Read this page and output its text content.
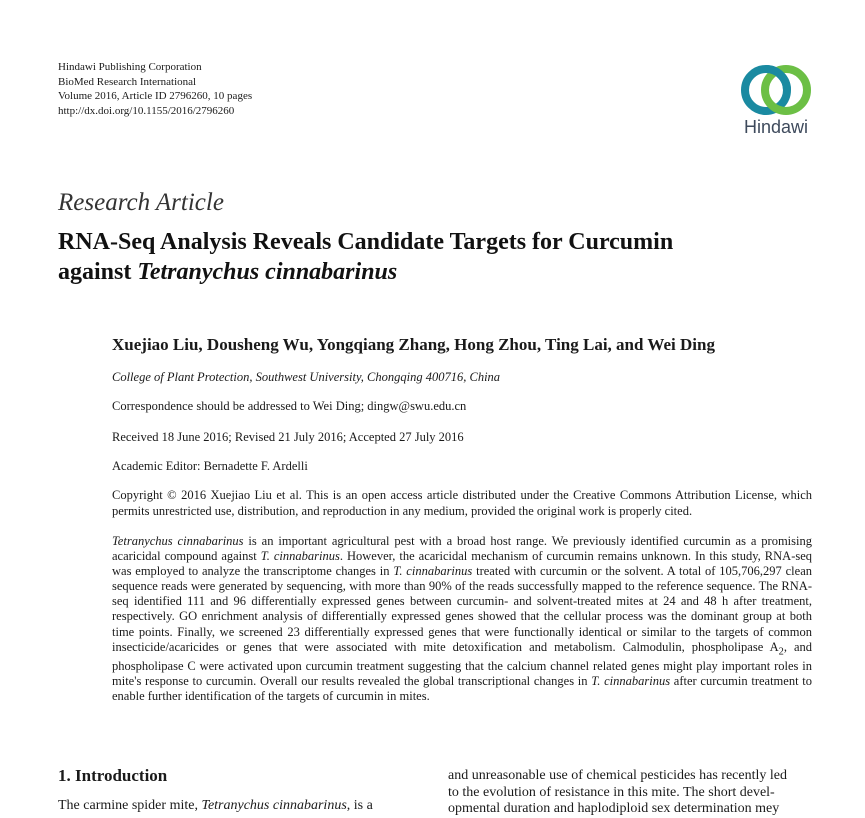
Hindawi Publishing Corporation
BioMed Research International
Volume 2016, Article ID 2796260, 10 pages
http://dx.doi.org/10.1155/2016/2796260
Hindawi
Research Article
RNA-Seq Analysis Reveals Candidate Targets for Curcumin
against Tetranychus cinnabarinus
Xuejiao Liu, Dousheng Wu, Yongqiang Zhang, Hong Zhou, Ting Lai, and Wei Ding
College of Plant Protection, Southwest University, Chongqing 400716, China
Correspondence should be addressed to Wei Ding; dingw@swu.edu.cn
Received 18 June 2016; Revised 21 July 2016; Accepted 27 July 2016
Academic Editor: Bernadette F. Ardelli
Copyright © 2016 Xuejiao Liu et al. This is an open access article distributed under the Creative Commons Attribution License, which permits unrestricted use, distribution, and reproduction in any medium, provided the original work is properly cited.
Tetranychus cinnabarinus is an important agricultural pest with a broad host range. We previously identified curcumin as a promising acaricidal compound against T. cinnabarinus. However, the acaricidal mechanism of curcumin remains unknown. In this study, RNA-seq was employed to analyze the transcriptome changes in T. cinnabarinus treated with curcumin or the solvent. A total of 105,706,297 clean sequence reads were generated by sequencing, with more than 90% of the reads successfully mapped to the reference sequence. The RNA-seq identified 111 and 96 differentially expressed genes between curcumin- and solvent-treated mites at 24 and 48 h after treatment, respectively. GO enrichment analysis of differentially expressed genes showed that the cellular process was the dominant group at both time points. Finally, we screened 23 differentially expressed genes that were functionally identical or similar to the targets of common insecticide/acaricides or genes that were associated with mite detoxification and metabolism. Calmodulin, phospholipase $A_2$, and phospholipase C were activated upon curcumin treatment suggesting that the calcium channel related genes might play important roles in mite's response to curcumin. Overall our results revealed the global transcriptional changes in T. cinnabarinus after curcumin treatment to enable further identification of the targets of curcumin in mites.
1. Introduction
The carmine spider mite, Tetranychus cinnabarinus, is a
and unreasonable use of chemical pesticides has recently led
to the evolution of resistance in this mite. The short devel-
opmental duration and haplodiploid sex determination mey
